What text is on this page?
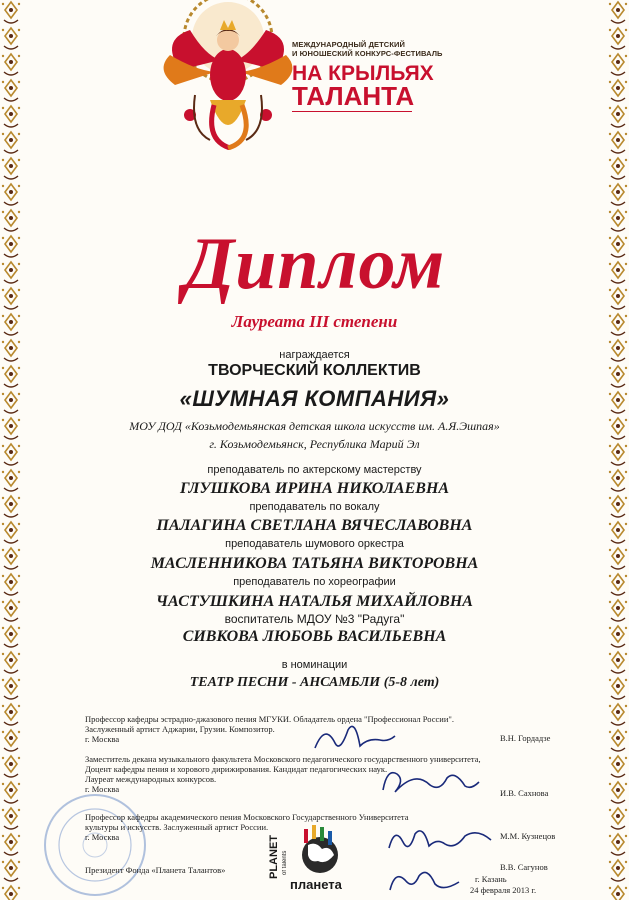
МЕЖДУНАРОДНЫЙ ДЕТСКИЙ
И ЮНОШЕСКИЙ КОНКУРС-ФЕСТИВАЛЬ
НА КРЫЛЬЯХ
ТАЛАНТА
Диплом
Лауреата III степени
награждается
ТВОРЧЕСКИЙ КОЛЛЕКТИВ
«ШУМНАЯ КОМПАНИЯ»
МОУ ДОД «Козьмодемьянская детская школа искусств им. А.Я.Эшпая»
г. Козьмодемьянск, Республика Марий Эл
преподаватель по актерскому мастерству
ГЛУШКОВА ИРИНА НИКОЛАЕВНА
преподаватель по вокалу
ПАЛАГИНА СВЕТЛАНА ВЯЧЕСЛАВОВНА
преподаватель шумового оркестра
МАСЛЕННИКОВА ТАТЬЯНА ВИКТОРОВНА
преподаватель по хореографии
ЧАСТУШКИНА НАТАЛЬЯ МИХАЙЛОВНА
воспитатель МДОУ №3 "Радуга"
СИВКОВА ЛЮБОВЬ ВАСИЛЬЕВНА
в номинации
ТЕАТР ПЕСНИ - АНСАМБЛИ (5-8 лет)
Профессор кафедры эстрадно-джазового пения МГУКИ. Обладатель ордена "Профессионал России".
Заслуженный артист Аджарии, Грузии. Композитор.
г. Москва	В.Н. Гордадзе
Заместитель декана музыкального факультета Московского педагогического государственного университета,
Доцент кафедры пения и хорового дирижирования. Кандидат педагогических наук.
Лауреат международных конкурсов.
г. Москва	И.В. Сахнова
Профессор кафедры академического пения Московского Государственного Университета
культуры и искусств. Заслуженный артист России.
г. Москва	М.М. Кузнецов
Президент Фонда «Планета Талантов»	В.В. Сагунов
г. Казань
24 февраля 2013 г.
PLANET of talents
планета
